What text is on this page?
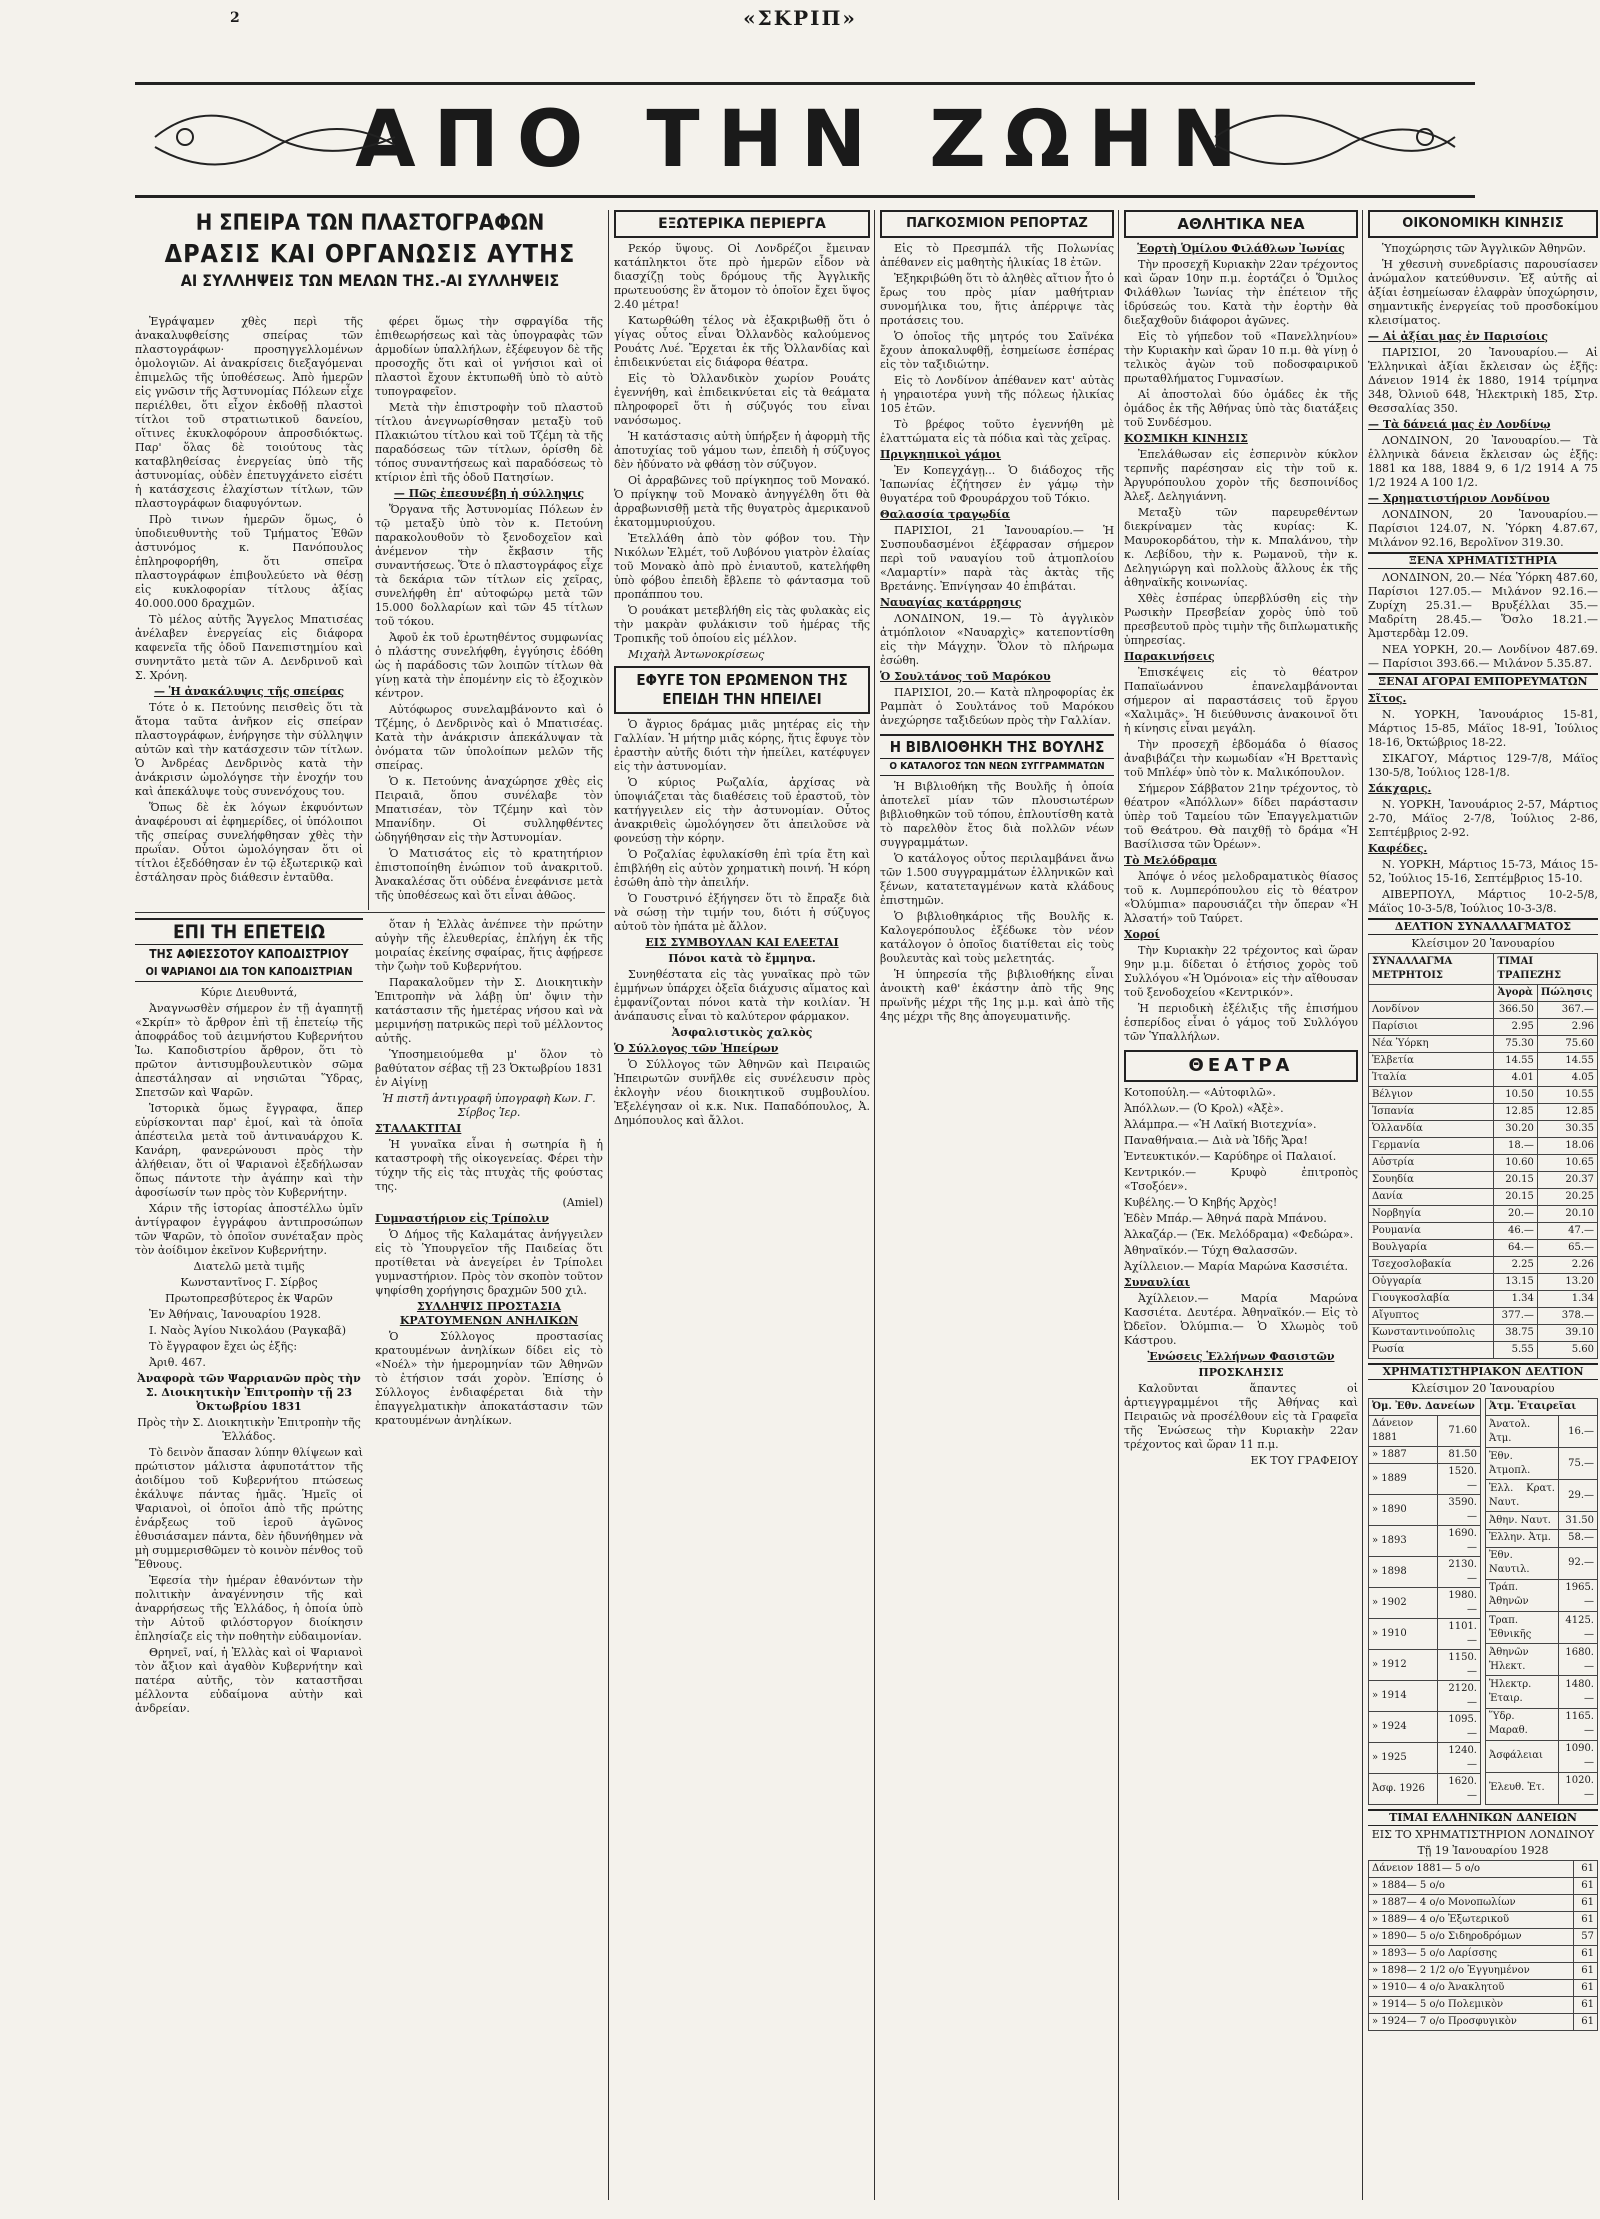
2	«ΣΚΡΙΠ»
ΑΠΟ ΤΗΝ ΖΩΗΝ
Η ΣΠΕΙΡΑ ΤΩΝ ΠΛΑΣΤΟΓΡΑΦΩΝ
ΔΡΑΣΙΣ ΚΑΙ ΟΡΓΑΝΩΣΙΣ ΑΥΤΗΣ
ΑΙ ΣΥΛΛΗΨΕΙΣ ΤΩΝ ΜΕΛΩΝ ΤΗΣ.-ΑΙ ΣΥΛΛΗΨΕΙΣ

Ἐγράψαμεν χθὲς περὶ τῆς ἀνακαλυφθείσης σπείρας τῶν πλαστογράφων· προσηγγελλομένων ὁμολογιῶν. Αἱ ἀνακρίσεις διεξαγόμεναι ἐπιμελῶς τῆς ὑποθέσεως. Ἀπὸ ἡμερῶν εἰς γνῶσιν τῆς Ἀστυνομίας Πόλεων εἶχε περιέλθει, ὅτι εἶχον ἐκδοθῇ πλαστοὶ τίτλοι τοῦ στρατιωτικοῦ δανείου, οἵτινες ἐκυκλοφόρουν ἀπροσδιόκτως. Παρ' ὅλας δὲ τοιούτους τὰς καταβληθείσας ἐνεργείας ὑπὸ τῆς ἀστυνομίας, οὐδὲν ἐπετυγχάνετο εἰσέτι ἡ κατάσχεσις ἐλαχίστων τίτλων, τῶν πλαστογράφων διαφυγόντων.

Πρὸ τινων ἡμερῶν ὅμως, ὁ ὑποδιευθυντὴς τοῦ Τμήματος Ἐθῶν ἀστυνόμος κ. Πανόπουλος ἐπληροφορήθη, ὅτι σπεῖρα πλαστογράφων ἐπιβουλεύετο νὰ θέσῃ εἰς κυκλοφορίαν τίτλους ἀξίας 40.000.000 δραχμῶν.

Τὸ μέλος αὐτῆς Ἄγγελος Μπατισέας ἀνέλαβεν ἐνεργείας εἰς διάφορα καφενεῖα τῆς ὁδοῦ Πανεπιστημίου καὶ συνηντᾶτο μετὰ τῶν Α. Δενδρινοῦ καὶ Σ. Χρόνη.

— Ἡ ἀνακάλυψις τῆς σπείρας

Τότε ὁ κ. Πετούνης πεισθεὶς ὅτι τὰ ἄτομα ταῦτα ἀνῆκον εἰς σπείραν πλαστογράφων, ἐνήργησε τὴν σύλληψιν αὐτῶν καὶ τὴν κατάσχεσιν τῶν τίτλων. Ὁ Ἀνδρέας Δενδρινὸς κατὰ τὴν ἀνάκρισιν ὡμολόγησε τὴν ἐνοχήν του καὶ ἀπεκάλυψε τοὺς συνενόχους του.

Ὅπως δὲ ἐκ λόγων ἐκφυόντων ἀναφέρουσι αἱ ἐφημερίδες, οἱ ὑπόλοιποι τῆς σπείρας συνελήφθησαν χθὲς τὴν πρωΐαν. Οὗτοι ὡμολόγησαν ὅτι οἱ τίτλοι ἐξεδόθησαν ἐν τῷ ἐξωτερικῷ καὶ ἐστάλησαν πρὸς διάθεσιν ἐνταῦθα.

φέρει ὅμως τὴν σφραγίδα τῆς ἐπιθεωρήσεως καὶ τὰς ὑπογραφὰς τῶν ἁρμοδίων ὑπαλλήλων, ἐξέφευγον δὲ τῆς προσοχῆς ὅτι καὶ οἱ γνήσιοι καὶ οἱ πλαστοὶ ἔχουν ἐκτυπωθῆ ὑπὸ τὸ αὐτὸ τυπογραφεῖον.

Μετὰ τὴν ἐπιστροφὴν τοῦ πλαστοῦ τίτλου ἀνεγνωρίσθησαν μεταξὺ τοῦ Πλακιώτου τίτλου καὶ τοῦ Τζέμη τὰ τῆς παραδόσεως τῶν τίτλων, ὁρίσθη δὲ τόπος συναντήσεως καὶ παραδόσεως τὸ κτίριον ἐπὶ τῆς ὁδοῦ Πατησίων.

— Πῶς ἐπεσυνέβη ἡ σύλληψις

Ὅργανα τῆς Ἀστυνομίας Πόλεων ἐν τῷ μεταξὺ ὑπὸ τὸν κ. Πετούνη παρακολουθοῦν τὸ ξενοδοχεῖον καὶ ἀνέμενον τὴν ἔκβασιν τῆς συναντήσεως. Ὅτε ὁ πλαστογράφος εἶχε τὰ δεκάρια τῶν τίτλων εἰς χεῖρας, συνελήφθη ἐπ' αὐτοφώρῳ μετὰ τῶν 15.000 δολλαρίων καὶ τῶν 45 τίτλων τοῦ τόκου.

Ἀφοῦ ἐκ τοῦ ἐρωτηθέντος συμφωνίας ὁ πλάστης συνελήφθη, ἐγγύησις ἐδόθη ὡς ἡ παράδοσις τῶν λοιπῶν τίτλων θὰ γίνῃ κατὰ τὴν ἐπομένην εἰς τὸ ἐξοχικὸν κέντρον.

Αὐτόφωρος συνελαμβάνοντο καὶ ὁ Τζέμης, ὁ Δενδρινὸς καὶ ὁ Μπατισέας. Κατὰ τὴν ἀνάκρισιν ἀπεκάλυψαν τὰ ὀνόματα τῶν ὑπολοίπων μελῶν τῆς σπείρας.

Ὁ κ. Πετούνης ἀναχώρησε χθὲς εἰς Πειραιᾶ, ὅπου συνέλαβε τὸν Μπατισέαν, τὸν Τζέμην καὶ τὸν Μπανίδην. Οἱ συλληφθέντες ὡδηγήθησαν εἰς τὴν Ἀστυνομίαν.

Ὁ Ματισάτος εἰς τὸ κρατητήριον ἐπιστοποίηθη ἐνώπιον τοῦ ἀνακριτοῦ. Ἀνακαλέσας ὅτι οὐδένα ἐνεφάνισε μετὰ τῆς ὑποθέσεως καὶ ὅτι εἶναι ἀθῶος.

ΕΠΙ ΤΗ ΕΠΕΤΕΙΩ
ΤΗΣ ΑΦΙΕΣΣΟΤΟΥ ΚΑΠΟΔΙΣΤΡΙΟΥ
ΟΙ ΨΑΡΙΑΝΟΙ ΔΙΑ ΤΟΝ ΚΑΠΟΔΙΣΤΡΙΑΝ

Κύριε Διευθυντά,

Ἀναγνωσθὲν σήμερον ἐν τῇ ἀγαπητῇ «Σκρίπ» τὸ ἄρθρον ἐπὶ τῇ ἐπετείῳ τῆς ἀποφράδος τοῦ ἀειμνήστου Κυβερνήτου Ἰω. Καποδιστρίου ἄρθρον, ὅτι τὸ πρῶτον ἀντισυμβουλευτικὸν σῶμα ἀπεστάλησαν αἱ νησιῶται Ὕδρας, Σπετσῶν καὶ Ψαρῶν.

Ἱστορικὰ ὅμως ἔγγραφα, ἅπερ εὑρίσκονται παρ' ἐμοί, καὶ τὰ ὁποῖα ἀπέστειλα μετὰ τοῦ ἀντιναυάρχου Κ. Κανάρη, φανερώνουσι πρὸς τὴν ἀλήθειαν, ὅτι οἱ Ψαριανοὶ ἐξεδήλωσαν ὅπως πάντοτε τὴν ἀγάπην καὶ τὴν ἀφοσίωσίν των πρὸς τὸν Κυβερνήτην.

Χάριν τῆς ἱστορίας ἀποστέλλω ὑμῖν ἀντίγραφον ἐγγράφου ἀντιπροσώπων τῶν Ψαρῶν, τὸ ὁποῖον συνέταξαν πρὸς τὸν ἀοίδιμον ἐκεῖνον Κυβερνήτην.

Διατελῶ μετὰ τιμῆς

Κωνσταντῖνος Γ. Σίρβος

Πρωτοπρεσβύτερος ἐκ Ψαρῶν

Ἐν Ἀθήναις, Ἰανουαρίου 1928.

Ι. Ναὸς Ἁγίου Νικολάου (Ραγκαβᾶ)

Τὸ ἔγγραφον ἔχει ὡς ἑξῆς:

Ἀριθ. 467.

Ἀναφορὰ τῶν Ψαρριανῶν πρὸς τὴν Σ. Διοικητικὴν Ἐπιτροπὴν τῇ 23 Ὀκτωβρίου 1831

Πρὸς τὴν Σ. Διοικητικὴν Ἐπιτροπὴν τῆς Ἑλλάδος.

Τὸ δεινὸν ἄπασαν λύπην θλίψεων καὶ πρώτιστον μάλιστα ἀφυποτάττον τῆς ἀοιδίμου τοῦ Κυβερνήτου πτώσεως ἐκάλυψε πάντας ἡμᾶς. Ἡμεῖς οἱ Ψαριανοὶ, οἱ ὁποῖοι ἀπὸ τῆς πρώτης ἐνάρξεως τοῦ ἱεροῦ ἀγῶνος ἐθυσιάσαμεν πάντα, δὲν ἠδυνήθημεν νὰ μὴ συμμερισθῶμεν τὸ κοινὸν πένθος τοῦ Ἔθνους.

Ἐφεσία τὴν ἡμέραν ἐθανόντων τὴν πολιτικὴν ἀναγέννησιν τῆς καὶ ἀναρρήσεως τῆς Ἑλλάδος, ἡ ὁποία ὑπὸ τὴν Αὐτοῦ φιλόστοργον διοίκησιν ἐπλησίαζε εἰς τὴν ποθητὴν εὐδαιμονίαν.

Θρηνεῖ, ναί, ἡ Ἑλλὰς καὶ οἱ Ψαριανοὶ τὸν ἄξιον καὶ ἀγαθὸν Κυβερνήτην καὶ πατέρα αὐτῆς, τὸν καταστῆσαι μέλλοντα εὐδαίμονα αὐτὴν καὶ ἀνδρείαν.

ὅταν ἡ Ἑλλὰς ἀνέπνεε τὴν πρώτην αὐγὴν τῆς ἐλευθερίας, ἐπλήγη ἐκ τῆς μοιραίας ἐκείνης σφαίρας, ἥτις ἀφῄρεσε τὴν ζωὴν τοῦ Κυβερνήτου.

Παρακαλοῦμεν τὴν Σ. Διοικητικὴν Ἐπιτροπὴν νὰ λάβῃ ὑπ' ὄψιν τὴν κατάστασιν τῆς ἡμετέρας νήσου καὶ νὰ μεριμνήσῃ πατρικῶς περὶ τοῦ μέλλοντος αὐτῆς.

Ὑποσημειούμεθα μ' ὅλον τὸ βαθύτατον σέβας τῇ 23 Ὀκτωβρίου 1831 ἐν Αἰγίνῃ

Ἡ πιστῆ ἀντιγραφῆ ὑπογραφὴ Κων. Γ. Σίρβος Ἱερ.

ΣΤΑΛΑΚΤΙΤΑΙ

Ἡ γυναῖκα εἶναι ἡ σωτηρία ἢ ἡ καταστροφὴ τῆς οἰκογενείας. Φέρει τὴν τύχην τῆς εἰς τὰς πτυχὰς τῆς φούστας της.

(Amiel)

Γυμναστήριον εἰς Τρίπολιν

Ὁ Δήμος τῆς Καλαμάτας ἀνήγγειλεν εἰς τὸ Ὑπουργεῖον τῆς Παιδείας ὅτι προτίθεται νὰ ἀνεγείρει ἐν Τρίπολει γυμναστήριον. Πρὸς τὸν σκοπὸν τοῦτον ψηφίσθη χορήγησις δραχμῶν 500 χιλ.

ΣΥΛΛΗΨΙΣ ΠΡΟΣΤΑΣΙΑ ΚΡΑΤΟΥΜΕΝΩΝ ΑΝΗΛΙΚΩΝ

Ὁ Σύλλογος προστασίας κρατουμένων ἀνηλίκων δίδει εἰς τὸ «Νοέλ» τὴν ἡμερομηνίαν τῶν Ἀθηνῶν τὸ ἐτήσιον τσάι χορὸν. Ἐπίσης ὁ Σύλλογος ἐνδιαφέρεται διὰ τὴν ἐπαγγελματικὴν ἀποκατάστασιν τῶν κρατουμένων ἀνηλίκων.

ΕΞΩΤΕΡΙΚΑ ΠΕΡΙΕΡΓΑ

Ρεκόρ ὕψους. Οἱ Λονδρέζοι ἔμειναν κατάπληκτοι ὅτε πρὸ ἡμερῶν εἶδον νὰ διασχίζῃ τοὺς δρόμους τῆς Ἀγγλικῆς πρωτευούσης ἓν ἄτομον τὸ ὁποῖον ἔχει ὕψος 2.40 μέτρα!

Κατωρθώθη τέλος νὰ ἐξακριβωθῇ ὅτι ὁ γίγας οὗτος εἶναι Ὀλλανδὸς καλούμενος Ρουάτς Λυέ. Ἔρχεται ἐκ τῆς Ὀλλανδίας καὶ ἐπιδεικνύεται εἰς διάφορα θέατρα.

Εἰς τὸ Ὀλλανδικὸν χωρίον Ρουάτς ἐγεννήθη, καὶ ἐπιδεικνύεται εἰς τὰ θεάματα πληροφορεῖ ὅτι ἡ σύζυγός του εἶναι νανόσωμος.

Ἡ κατάστασις αὐτὴ ὑπήρξεν ἡ ἀφορμὴ τῆς ἀποτυχίας τοῦ γάμου των, ἐπειδὴ ἡ σύζυγος δὲν ἠδύνατο νὰ φθάσῃ τὸν σύζυγον.

Οἱ ἀρραβῶνες τοῦ πρίγκηπος τοῦ Μονακό. Ὁ πρίγκηψ τοῦ Μονακὸ ἀνηγγέλθη ὅτι θὰ ἀρραβωνισθῇ μετὰ τῆς θυγατρὸς ἀμερικανοῦ ἑκατομμυριούχου.

Ἐτελλάθη ἀπὸ τὸν φόβον του. Τὴν Νικόλων Ἐλμέτ, τοῦ Λυβόνου γιατρὸν ἐλαίας τοῦ Μονακὸ ἀπὸ πρὸ ἐνιαυτοῦ, κατελήφθη ὑπὸ φόβου ἐπειδὴ ἔβλεπε τὸ φάντασμα τοῦ προπάππου του.

Ὁ ρουάκατ μετεβλήθη εἰς τὰς φυλακὰς εἰς τὴν μακρὰν φυλάκισιν τοῦ ἠμέρας τῆς Τροπικῆς τοῦ ὁποίου εἰς μέλλον.

Μιχαὴλ Ἀντωνοκρίσεως

ΕΦΥΓΕ ΤΟΝ ΕΡΩΜΕΝΟΝ ΤΗΣ ΕΠΕΙΔΗ ΤΗΝ ΗΠΕΙΛΕΙ

Ὁ ἄγριος δράμας μιᾶς μητέρας εἰς τὴν Γαλλίαν. Ἡ μήτηρ μιᾶς κόρης, ἥτις ἔφυγε τὸν ἐραστὴν αὐτῆς διότι τὴν ἠπείλει, κατέφυγεν εἰς τὴν ἀστυνομίαν.

Ὁ κύριος Ρωζαλία, ἀρχίσας νὰ ὑποψιάζεται τὰς διαθέσεις τοῦ ἐραστοῦ, τὸν κατήγγειλεν εἰς τὴν ἀστυνομίαν. Οὗτος ἀνακριθεὶς ὡμολόγησεν ὅτι ἀπειλοῦσε νὰ φονεύσῃ τὴν κόρην.

Ὁ Ροζαλίας ἐφυλακίσθη ἐπὶ τρία ἔτη καὶ ἐπιβλήθη εἰς αὐτὸν χρηματικὴ ποινή. Ἡ κόρη ἐσώθη ἀπὸ τὴν ἀπειλήν.

Ὁ Γουστρινό ἐξήγησεν ὅτι τὸ ἔπραξε διὰ νὰ σώσῃ τὴν τιμήν του, διότι ἡ σύζυγος αὐτοῦ τὸν ἠπάτα μὲ ἄλλον.

ΕΙΣ ΣΥΜΒΟΥΛΑΝ ΚΑΙ ΕΛΕΕΤΑΙ

Πόνοι κατὰ τὸ ἔμμηνα.

Συνηθέστατα εἰς τὰς γυναῖκας πρὸ τῶν ἐμμήνων ὑπάρχει ὀξεῖα διάχυσις αἵματος καὶ ἐμφανίζονται πόνοι κατὰ τὴν κοιλίαν. Ἡ ἀνάπαυσις εἶναι τὸ καλύτερον φάρμακον.

Ἀσφαλιστικὸς χαλκὸς

Ὁ Σύλλογος τῶν Ἠπείρων

Ὁ Σύλλογος τῶν Ἀθηνῶν καὶ Πειραιῶς Ἠπειρωτῶν συνῆλθε εἰς συνέλευσιν πρὸς ἐκλογὴν νέου διοικητικοῦ συμβουλίου. Ἐξελέγησαν οἱ κ.κ. Νικ. Παπαδόπουλος, Ἀ. Δημόπουλος καὶ ἄλλοι.

ΠΑΓΚΟΣΜΙΟΝ ΡΕΠΟΡΤΑΖ

Εἰς τὸ Πρεσμπάλ τῆς Πολωνίας ἀπέθανεν εἰς μαθητὴς ἡλικίας 18 ἐτῶν.

Ἐξηκριβώθη ὅτι τὸ ἀληθὲς αἴτιον ἦτο ὁ ἔρως του πρὸς μίαν μαθήτριαν συνομήλικα του, ἥτις ἀπέρριψε τὰς προτάσεις του.

Ὁ ὁποῖος τῆς μητρός του Σαϊνέκα ἔχουν ἀποκαλυφθῇ, ἐσημείωσε ἐσπέρας εἰς τὸν ταξιδιώτην.

Εἰς τὸ Λονδίνον ἀπέθανεν κατ' αὐτὰς ἡ γηραιοτέρα γυνὴ τῆς πόλεως ἡλικίας 105 ἐτῶν.

Τὸ βρέφος τοῦτο ἐγεννήθη μὲ ἐλαττώματα εἰς τὰ πόδια καὶ τὰς χεῖρας.

Πριγκηπικοὶ γάμοι

Ἐν Κοπεγχάγῃ... Ὁ διάδοχος τῆς Ἰαπωνίας ἐζήτησεν ἐν γάμῳ τὴν θυγατέρα τοῦ Φρουράρχου τοῦ Τόκιο.

Θαλασσία τραγῳδία

ΠΑΡΙΣΙΟΙ, 21 Ἰανουαρίου.— Ἡ Συσπουδασμένοι ἐξέφρασαν σήμερον περὶ τοῦ ναυαγίου τοῦ ἀτμοπλοίου «Λαμαρτίν» παρὰ τὰς ἀκτὰς τῆς Βρετάνης. Ἐπνίγησαν 40 ἐπιβάται.

Ναυαγίας κατάρρησις

ΛΟΝΔΙΝΟΝ, 19.— Τὸ ἀγγλικὸν ἀτμόπλοιον «Ναυαρχὶς» κατεποντίσθη εἰς τὴν Μάγχην. Ὅλον τὸ πλήρωμα ἐσώθη.

Ὁ Σουλτάνος τοῦ Μαρόκου

ΠΑΡΙΣΙΟΙ, 20.— Κατὰ πληροφορίας ἐκ Ραμπὰτ ὁ Σουλτάνος τοῦ Μαρόκου ἀνεχώρησε ταξιδεύων πρὸς τὴν Γαλλίαν.

Η ΒΙΒΛΙΟΘΗΚΗ ΤΗΣ ΒΟΥΛΗΣ
Ο ΚΑΤΑΛΟΓΟΣ ΤΩΝ ΝΕΩΝ ΣΥΓΓΡΑΜΜΑΤΩΝ

Ἡ Βιβλιοθήκη τῆς Βουλῆς ἡ ὁποία ἀποτελεῖ μίαν τῶν πλουσιωτέρων βιβλιοθηκῶν τοῦ τόπου, ἐπλουτίσθη κατὰ τὸ παρελθὸν ἔτος διὰ πολλῶν νέων συγγραμμάτων.

Ὁ κατάλογος οὗτος περιλαμβάνει ἄνω τῶν 1.500 συγγραμμάτων ἑλληνικῶν καὶ ξένων, κατατεταγμένων κατὰ κλάδους ἐπιστημῶν.

Ὁ βιβλιοθηκάριος τῆς Βουλῆς κ. Καλογερόπουλος ἐξέδωκε τὸν νέον κατάλογον ὁ ὁποῖος διατίθεται εἰς τοὺς βουλευτὰς καὶ τοὺς μελετητάς.

Ἡ ὑπηρεσία τῆς βιβλιοθήκης εἶναι ἀνοικτὴ καθ' ἑκάστην ἀπὸ τῆς 9ης πρωϊνῆς μέχρι τῆς 1ης μ.μ. καὶ ἀπὸ τῆς 4ης μέχρι τῆς 8ης ἀπογευματινῆς.

ΑΘΛΗΤΙΚΑ ΝΕΑ

Ἑορτὴ Ὁμίλου Φιλάθλων Ἰωνίας

Τὴν προσεχῆ Κυριακὴν 22αν τρέχοντος καὶ ὥραν 10ην π.μ. ἑορτάζει ὁ Ὅμιλος Φιλάθλων Ἰωνίας τὴν ἐπέτειον τῆς ἱδρύσεώς του. Κατὰ τὴν ἑορτὴν θὰ διεξαχθοῦν διάφοροι ἀγῶνες.

Εἰς τὸ γήπεδον τοῦ «Πανελληνίου» τὴν Κυριακὴν καὶ ὥραν 10 π.μ. θὰ γίνῃ ὁ τελικὸς ἀγὼν τοῦ ποδοσφαιρικοῦ πρωταθλήματος Γυμνασίων.

Αἱ ἀποστολαὶ δύο ὁμάδες ἐκ τῆς ὁμάδος ἐκ τῆς Ἀθήνας ὑπὸ τὰς διατάξεις τοῦ Συνδέσμου.

ΚΟΣΜΙΚΗ ΚΙΝΗΣΙΣ

Ἐπελάθωσαν εἰς ἐσπερινὸν κύκλον τερπνῆς παρέσησαν εἰς τὴν τοῦ κ. Ἀργυρόπουλου χορὸν τῆς δεσποινίδος Ἀλεξ. Δεληγιάννη.

Μεταξὺ τῶν παρευρεθέντων διεκρίναμεν τὰς κυρίας: Κ. Μαυροκορδάτου, τὴν κ. Μπαλάνου, τὴν κ. Λεβίδου, τὴν κ. Ρωμανοῦ, τὴν κ. Δεληγιώργη καὶ πολλοὺς ἄλλους ἐκ τῆς ἀθηναϊκῆς κοινωνίας.

Χθὲς ἐσπέρας ὑπερβλύσθη εἰς τὴν Ρωσικὴν Πρεσβείαν χορὸς ὑπὸ τοῦ πρεσβευτοῦ πρὸς τιμὴν τῆς διπλωματικῆς ὑπηρεσίας.

Παρακινήσεις

Ἐπισκέψεις εἰς τὸ θέατρον Παπαϊωάννου ἐπανελαμβάνονται σήμερον αἱ παραστάσεις τοῦ ἔργου «Χαλιμᾶς». Ἡ διεύθυνσις ἀνακοινοῖ ὅτι ἡ κίνησις εἶναι μεγάλη.

Τὴν προσεχῆ ἑβδομάδα ὁ θίασος ἀναβιβάζει τὴν κωμωδίαν «Ἡ Βρεττανὶς τοῦ Μπλέφ» ὑπὸ τὸν κ. Μαλικόπουλον.

Σήμερον Σάββατον 21ην τρέχοντος, τὸ θέατρον «Ἀπόλλων» δίδει παράστασιν ὑπὲρ τοῦ Ταμείου τῶν Ἐπαγγελματιῶν τοῦ Θεάτρου. Θὰ παιχθῇ τὸ δράμα «Ἡ Βασίλισσα τῶν Ὀρέων».

Τὸ Μελόδραμα

Ἀπόψε ὁ νέος μελοδραματικὸς θίασος τοῦ κ. Λυμπερόπουλου εἰς τὸ θέατρον «Ὀλύμπια» παρουσιάζει τὴν ὄπεραν «Ἡ Ἀλσατή» τοῦ Ταύρετ.

Χοροί

Τὴν Κυριακὴν 22 τρέχοντος καὶ ὥραν 9ην μ.μ. δίδεται ὁ ἐτήσιος χορὸς τοῦ Συλλόγου «Ἡ Ὁμόνοια» εἰς τὴν αἴθουσαν τοῦ ξενοδοχείου «Κεντρικόν».

Ἡ περιοδικὴ ἐξέλιξις τῆς ἐπισήμου ἑσπερίδος εἶναι ὁ γάμος τοῦ Συλλόγου τῶν Ὑπαλλήλων.

ΘΕΑΤΡΑ

Κοτοπούλη.— «Αὐτοφιλῶ».

Ἀπόλλων.— (Ὁ Κρολ) «Ἀξὲ».

Ἀλάμπρα.— «Ἡ Λαϊκή Βιοτεχνία».

Παναθήναια.— Διὰ νὰ Ἰδῆς Ἄρα!

Ἐντευκτικόν.— Καρύδηρε οἱ Παλαιοί.

Κεντρικόν.— Κρυφὸ ἐπιτροπὸς «Τσοξόεν».

Κυβέλης.— Ὁ Κηβής Ἀρχὸς!

Ἐδὲν Μπάρ.— Ἀθηνά παρὰ Μπάνου.

Ἀλκαζάρ.— (Ἐκ. Μελόδραμα) «Φεδώρα».

Ἀθηναϊκόν.— Τύχη Θαλασσῶν.

Ἀχίλλειον.— Μαρία Μαρώνα Κασσιέτα.

Συναυλίαι

Ἀχίλλειον.— Μαρία Μαρώνα Κασσιέτα. Δευτέρα. Ἀθηναϊκόν.— Εἰς τὸ Ὠδεῖον. Ὀλύμπια.— Ὁ Χλωμὸς τοῦ Κάστρου.

Ἐνώσεις Ἑλλήνων Φασιστῶν

ΠΡΟΣΚΛΗΣΙΣ

Καλοῦνται ἅπαντες οἱ ἀρτιεγγραμμένοι τῆς Ἀθήνας καὶ Πειραιῶς νὰ προσέλθουν εἰς τὰ Γραφεῖα τῆς Ἑνώσεως τὴν Κυριακὴν 22αν τρέχοντος καὶ ὥραν 11 π.μ.

ΕΚ ΤΟΥ ΓΡΑΦΕΙΟΥ

ΟΙΚΟΝΟΜΙΚΗ ΚΙΝΗΣΙΣ

Ὑποχώρησις τῶν Ἀγγλικῶν Ἀθηνῶν.

Ἡ χθεσινὴ συνεδρίασις παρουσίασεν ἀνώμαλον κατεύθυνσιν. Ἐξ αὐτῆς αἱ ἀξίαι ἐσημείωσαν ἐλαφρὰν ὑποχώρησιν, σημαντικῆς ἐνεργείας τοῦ προσδοκίμου κλεισίματος.

— Αἱ ἀξίαι μας ἐν Παρισίοις

ΠΑΡΙΣΙΟΙ, 20 Ἰανουαρίου.— Αἱ Ἑλληνικαὶ ἀξίαι ἔκλεισαν ὡς ἑξῆς: Δάνειον 1914 ἐκ 1880, 1914 τρίμηνα 348, Ὀλνιοῦ 648, Ἡλεκτρικὴ 185, Στρ. Θεσσαλίας 350.

— Τὰ δάνειά μας ἐν Λονδίνῳ

ΛΟΝΔΙΝΟΝ, 20 Ἰανουαρίου.— Τὰ ἑλληνικὰ δάνεια ἔκλεισαν ὡς ἑξῆς: 1881 κα 188, 1884 9, 6 1/2 1914 Α 75 1/2 1924 Α 100 1/2.

— Χρηματιστήριον Λονδίνου

ΛΟΝΔΙΝΟΝ, 20 Ἰανουαρίου.— Παρίσιοι 124.07, Ν. Ὑόρκη 4.87.67, Μιλάνον 92.16, Βερολῖνον 319.30.

ΞΕΝΑ ΧΡΗΜΑΤΙΣΤΗΡΙΑ

ΛΟΝΔΙΝΟΝ, 20.— Νέα Ὑόρκη 487.60, Παρίσιοι 127.05.— Μιλάνον 92.16.— Ζυρίχη 25.31.— Βρυξέλλαι 35.— Μαδρίτη 28.45.— Ὅσλο 18.21.— Ἀμστερδὰμ 12.09.

ΝΕΑ ΥΟΡΚΗ, 20.— Λονδίνον 487.69.— Παρίσιοι 393.66.— Μιλάνον 5.35.87.

ΞΕΝΑΙ ΑΓΟΡΑΙ ΕΜΠΟΡΕΥΜΑΤΩΝ

Σῖτος.

Ν. ΥΟΡΚΗ, Ἰανουάριος 15-81, Μάρτιος 15-85, Μάϊος 18-91, Ἰούλιος 18-16, Ὀκτώβριος 18-22.

ΣΙΚΑΓΟΥ, Μάρτιος 129-7/8, Μάϊος 130-5/8, Ἰούλιος 128-1/8.

Σάκχαρις.

Ν. ΥΟΡΚΗ, Ἰανουάριος 2-57, Μάρτιος 2-70, Μάϊος 2-7/8, Ἰούλιος 2-86, Σεπτέμβριος 2-92.

Καφέδες.

Ν. ΥΟΡΚΗ, Μάρτιος 15-73, Μάιος 15-52, Ἰούλιος 15-16, Σεπτέμβριος 15-10.

ΑΙΒΕΡΠΟΥΛ, Μάρτιος 10-2-5/8, Μάϊος 10-3-5/8, Ἰούλιος 10-3-3/8.

ΔΕΛΤΙΟΝ ΣΥΝΑΛΛΑΓΜΑΤΟΣ

Κλείσιμον 20 Ἰανουαρίου

ΣΥΝΑΛΛΑΓΜΑ ΜΕΤΡΗΤΟΙΣ	ΤΙΜΑΙ ΤΡΑΠΕΖΗΣ	
	Ἀγορὰ	Πώλησις
Λονδίνον	366.50	367.—
Παρίσιοι	2.95	2.96
Νέα Ὑόρκη	75.30	75.60
Ἑλβετία	14.55	14.55
Ἰταλία	4.01	4.05
Βέλγιον	10.50	10.55
Ἰσπανία	12.85	12.85
Ὁλλανδία	30.20	30.35
Γερμανία	18.—	18.06
Αὐστρία	10.60	10.65
Σουηδία	20.15	20.37
Δανία	20.15	20.25
Νορβηγία	20.—	20.10
Ρουμανία	46.—	47.—
Βουλγαρία	64.—	65.—
Τσεχοσλοβακία	2.25	2.26
Οὑγγαρία	13.15	13.20
Γιουγκοσλαβία	1.34	1.34
Αἴγυπτος	377.—	378.—
Κωνσταντινούπολις	38.75	39.10
Ρωσία	5.55	5.60

ΧΡΗΜΑΤΙΣΤΗΡΙΑΚΟΝ ΔΕΛΤΙΟΝ

Κλείσιμον 20 Ἰανουαρίου

Ὀμ. Ἐθν. Δανείων	
Δάνειον 1881	71.60
» 1887	81.50
» 1889	1520.—
» 1890	3590.—
» 1893	1690.—
» 1898	2130.—
» 1902	1980.—
» 1910	1101.—
» 1912	1150.—
» 1914	2120.—
» 1924	1095.—
» 1925	1240.—
Ἀσφ. 1926	1620.—
Ἀτμ. Ἑταιρεῖαι	
Ἀνατολ. Ἀτμ.	16.—
Ἐθν. Ἀτμοπλ.	75.—
Ἑλλ. Κρατ. Ναυτ.	29.—
Ἀθην. Ναυτ.	31.50
Ἑλλην. Ἀτμ.	58.—
Ἐθν. Ναυτιλ.	92.—
Τράπ. Ἀθηνῶν	1965.—
Τραπ. Ἐθνικῆς	4125.—
Ἀθηνῶν Ἡλεκτ.	1680.—
Ἡλεκτρ. Ἑταιρ.	1480.—
Ὕδρ. Μαραθ.	1165.—
Ἀσφάλειαι	1090.—
Ἐλευθ. Ἑτ.	1020.—

ΤΙΜΑΙ ΕΛΛΗΝΙΚΩΝ ΔΑΝΕΙΩΝ

ΕΙΣ ΤΟ ΧΡΗΜΑΤΙΣΤΗΡΙΟΝ ΛΟΝΔΙΝΟΥ

Τῇ 19 Ἰανουαρίου 1928

Δάνειον 1881— 5 ο/ο	61
» 1884— 5 ο/ο	61
» 1887— 4 ο/ο Μονοπωλίων	61
» 1889— 4 ο/ο Ἐξωτερικοῦ	61
» 1890— 5 ο/ο Σιδηροδρόμων	57
» 1893— 5 ο/ο Λαρίσσης	61
» 1898— 2 1/2 ο/ο Ἐγγυημένον	61
» 1910— 4 ο/ο Ἀνακλητοῦ	61
» 1914— 5 ο/ο Πολεμικὸν	61
» 1924— 7 ο/ο Προσφυγικὸν	61
